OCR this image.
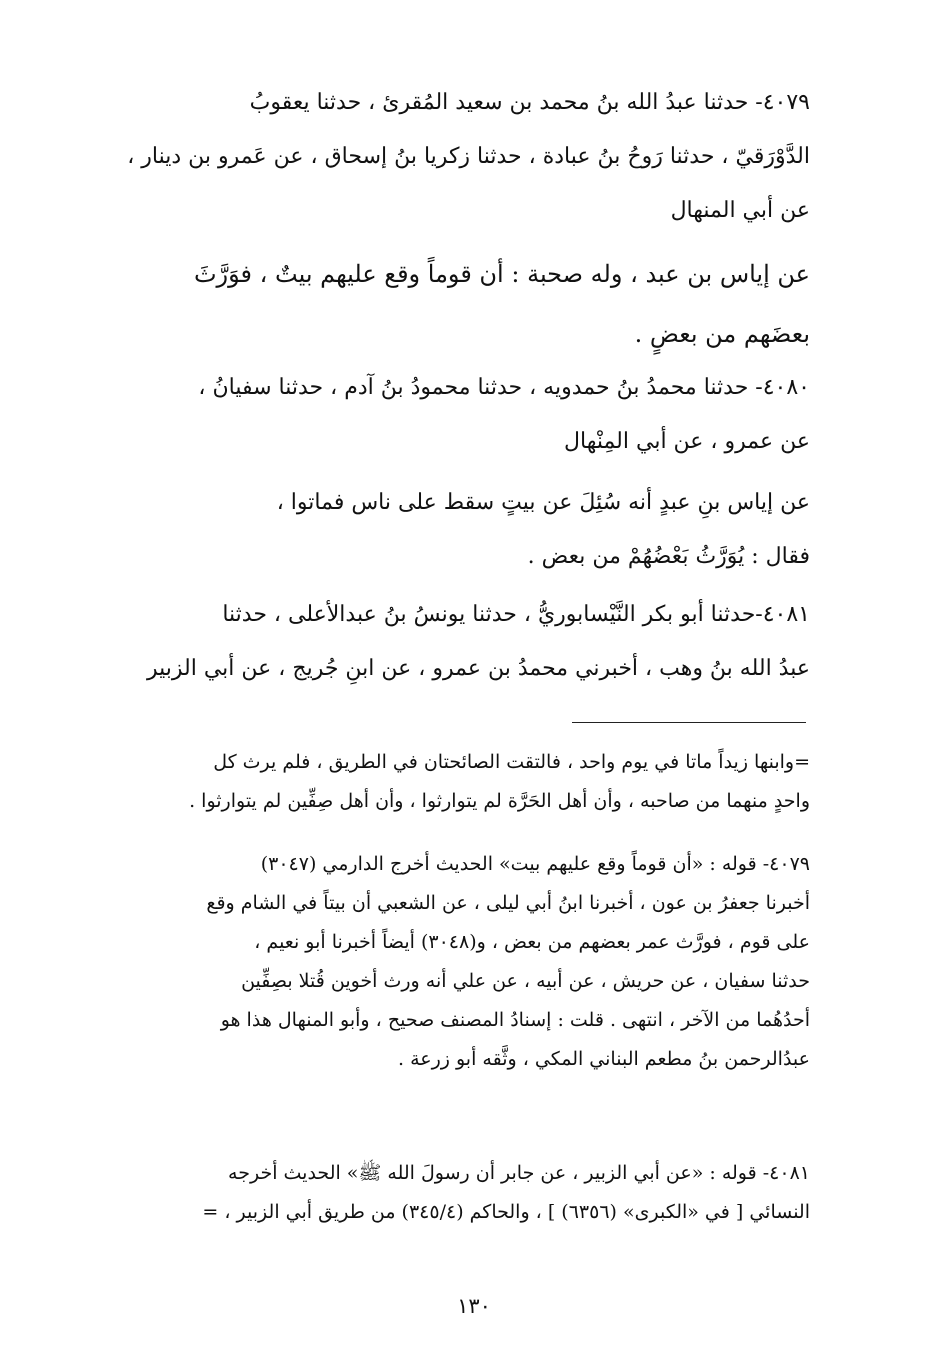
٤٠٧٩- حدثنا عبدُ الله بنُ محمد بن سعيد المُقرئ ، حدثنا يعقوبُ
الدَّوْرَقيّ ، حدثنا رَوحُ بنُ عبادة ، حدثنا زكريا بنُ إسحاق ، عن عَمرو بن دينار ،
عن أبي المنهال
عن إياس بن عبد ، وله صحبة : أن قوماً وقع عليهم بيتٌ ، فوَرَّثَ
بعضَهم من بعضٍ .
٤٠٨٠- حدثنا محمدُ بنُ حمدويه ، حدثنا محمودُ بنُ آدم ، حدثنا سفيانُ ،
عن عمرو ، عن أبي المِنْهال
عن إياس بنِ عبدٍ أنه سُئِلَ عن بيتٍ سقط على ناس فماتوا ،
فقال : يُوَرَّثُ بَعْضُهُمْ من بعض .
٤٠٨١-حدثنا أبو بكر النَّيْسابوريُّ ، حدثنا يونسُ بنُ عبدالأعلى ، حدثنا
عبدُ الله بنُ وهب ، أخبرني محمدُ بن عمرو ، عن ابنِ جُريج ، عن أبي الزبير
=وابنها زيداً ماتا في يوم واحد ، فالتقت الصائحتان في الطريق ، فلم يرث كل
واحدٍ منهما من صاحبه ، وأن أهل الحَرَّة لم يتوارثوا ، وأن أهل صِفِّين لم يتوارثوا .
٤٠٧٩- قوله : «أن قوماً وقع عليهم بيت» الحديث أخرج الدارمي (٣٠٤٧)
أخبرنا جعفرُ بن عون ، أخبرنا ابنُ أبي ليلى ، عن الشعبي أن بيتاً في الشام وقع
على قوم ، فورَّث عمر بعضهم من بعض ، و(٣٠٤٨) أيضاً أخبرنا أبو نعيم ،
حدثنا سفيان ، عن حريش ، عن أبيه ، عن علي أنه ورث أخوين قُتلا بصِفِّين
أحدُهُما من الآخر ، انتهى . قلت : إسنادُ المصنف صحيح ، وأبو المنهال هذا هو
عبدُالرحمن بنُ مطعم البناني المكي ، وثَّقه أبو زرعة .
٤٠٨١- قوله : «عن أبي الزبير ، عن جابر أن رسولَ الله ﷺ» الحديث أخرجه
النسائي [ في «الكبرى» (٦٣٥٦) ] ، والحاكم (٣٤٥/٤) من طريق أبي الزبير ، =
١٣٠
